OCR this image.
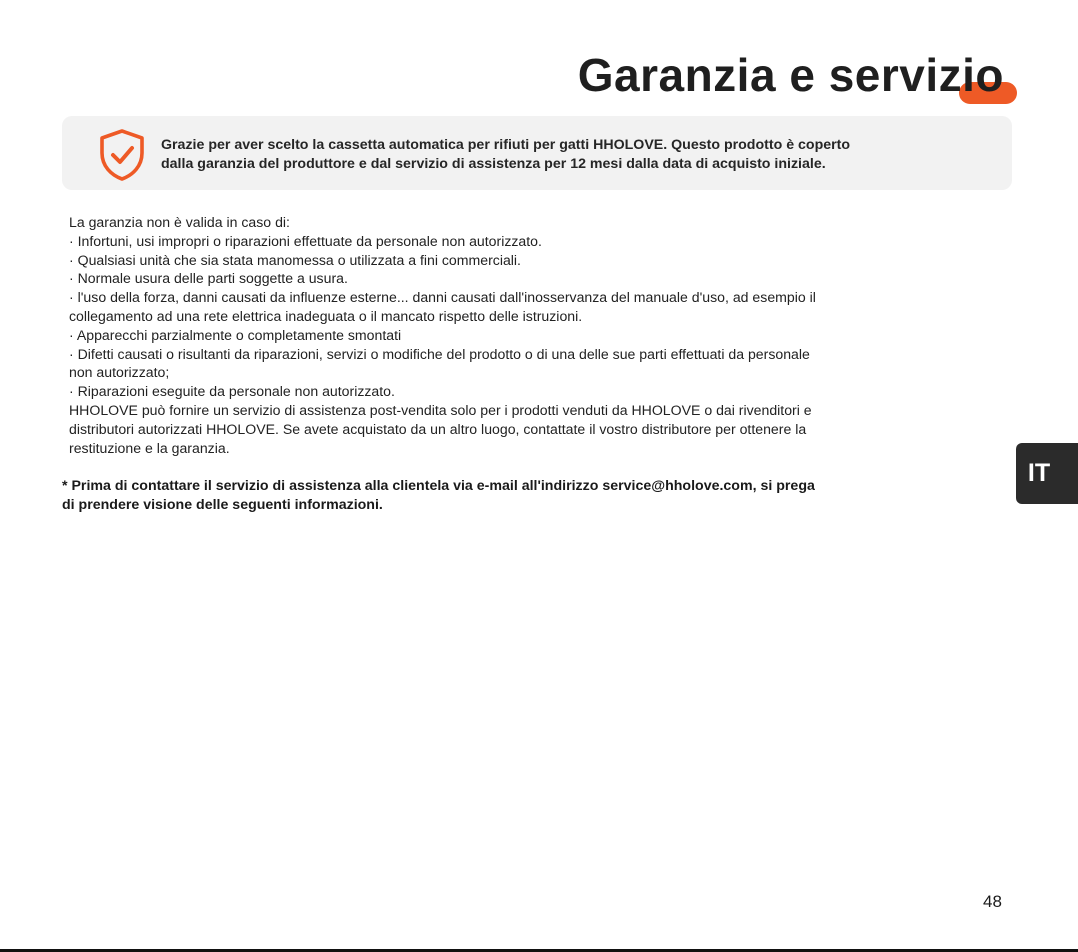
Garanzia e servizio
Grazie per aver scelto la cassetta automatica per rifiuti per gatti HHOLOVE. Questo prodotto è coperto
dalla garanzia del produttore e dal servizio di assistenza per 12 mesi dalla data di acquisto iniziale.
La garanzia non è valida in caso di:
· Infortuni, usi impropri o riparazioni effettuate da personale non autorizzato.
· Qualsiasi unità che sia stata manomessa o utilizzata a fini commerciali.
· Normale usura delle parti soggette a usura.
· l'uso della forza, danni causati da influenze esterne... danni causati dall'inosservanza del manuale d'uso, ad esempio il
collegamento ad una rete elettrica inadeguata o il mancato rispetto delle istruzioni.
· Apparecchi parzialmente o completamente smontati
· Difetti causati o risultanti da riparazioni, servizi o modifiche del prodotto o di una delle sue parti effettuati da personale
non autorizzato;
· Riparazioni eseguite da personale non autorizzato.
HHOLOVE può fornire un servizio di assistenza post-vendita solo per i prodotti venduti da HHOLOVE o dai rivenditori e
distributori autorizzati HHOLOVE. Se avete acquistato da un altro luogo, contattate il vostro distributore per ottenere la
restituzione e la garanzia.
* Prima di contattare il servizio di assistenza alla clientela via e-mail all'indirizzo service@hholove.com, si prega
di prendere visione delle seguenti informazioni.
IT
48
